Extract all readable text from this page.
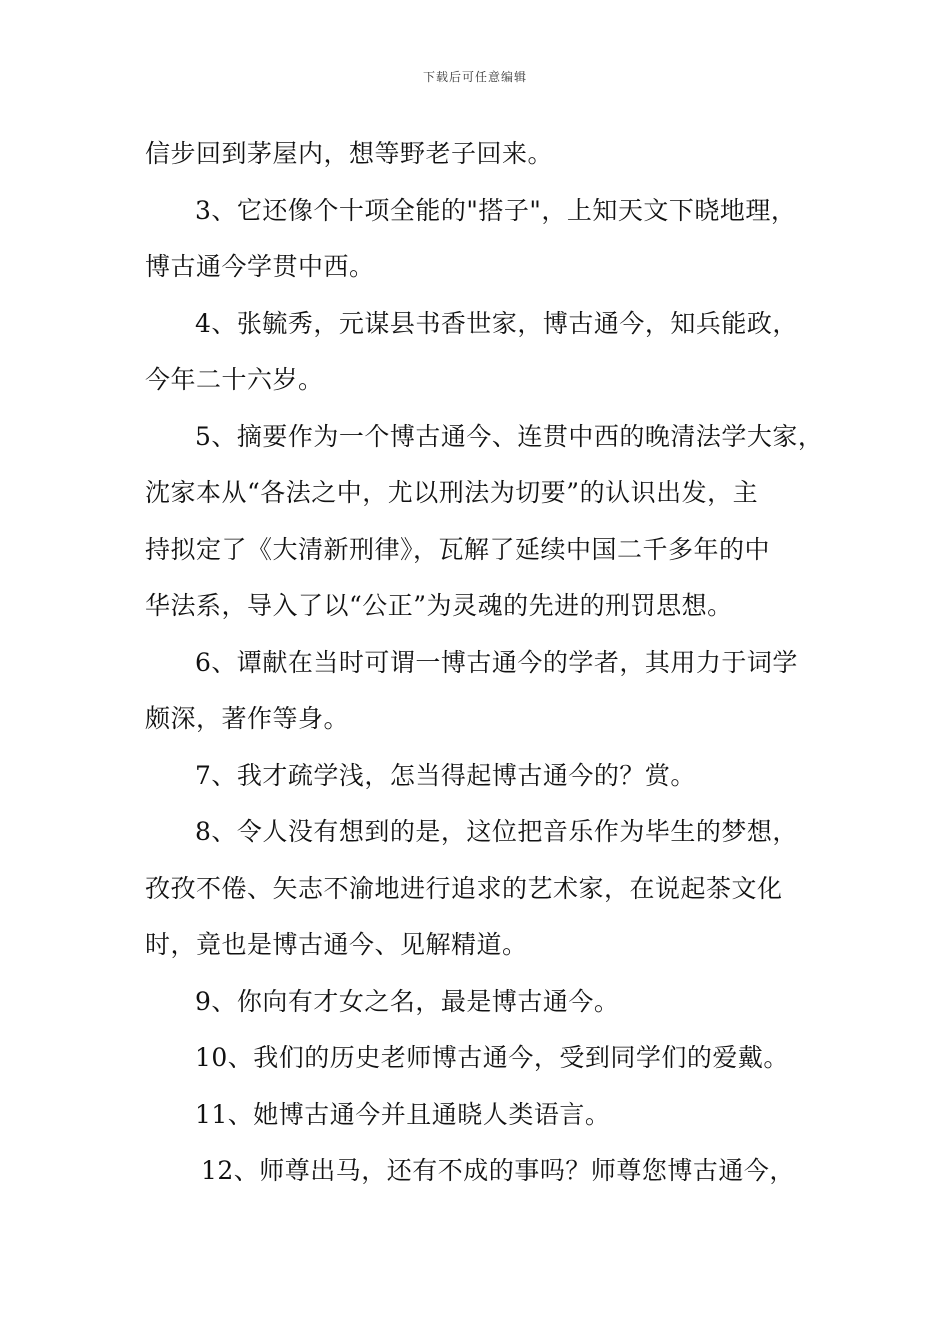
下载后可任意编辑
信步回到茅屋内，想等野老子回来。
3、它还像个十项全能的"搭子"，上知天文下晓地理，
博古通今学贯中西。
4、张毓秀，元谋县书香世家，博古通今，知兵能政，
今年二十六岁。
5、摘要作为一个博古通今、连贯中西的晚清法学大家，
沈家本从“各法之中，尤以刑法为切要”的认识出发，主
持拟定了《大清新刑律》，瓦解了延续中国二千多年的中
华法系，导入了以“公正”为灵魂的先进的刑罚思想。
6、谭献在当时可谓一博古通今的学者，其用力于词学
颇深，著作等身。
7、我才疏学浅，怎当得起博古通今的？赏。
8、令人没有想到的是，这位把音乐作为毕生的梦想，
孜孜不倦、矢志不渝地进行追求的艺术家，在说起茶文化
时，竟也是博古通今、见解精道。
9、你向有才女之名，最是博古通今。
10、我们的历史老师博古通今，受到同学们的爱戴。
11、她博古通今并且通晓人类语言。
12、师尊出马，还有不成的事吗？师尊您博古通今，
